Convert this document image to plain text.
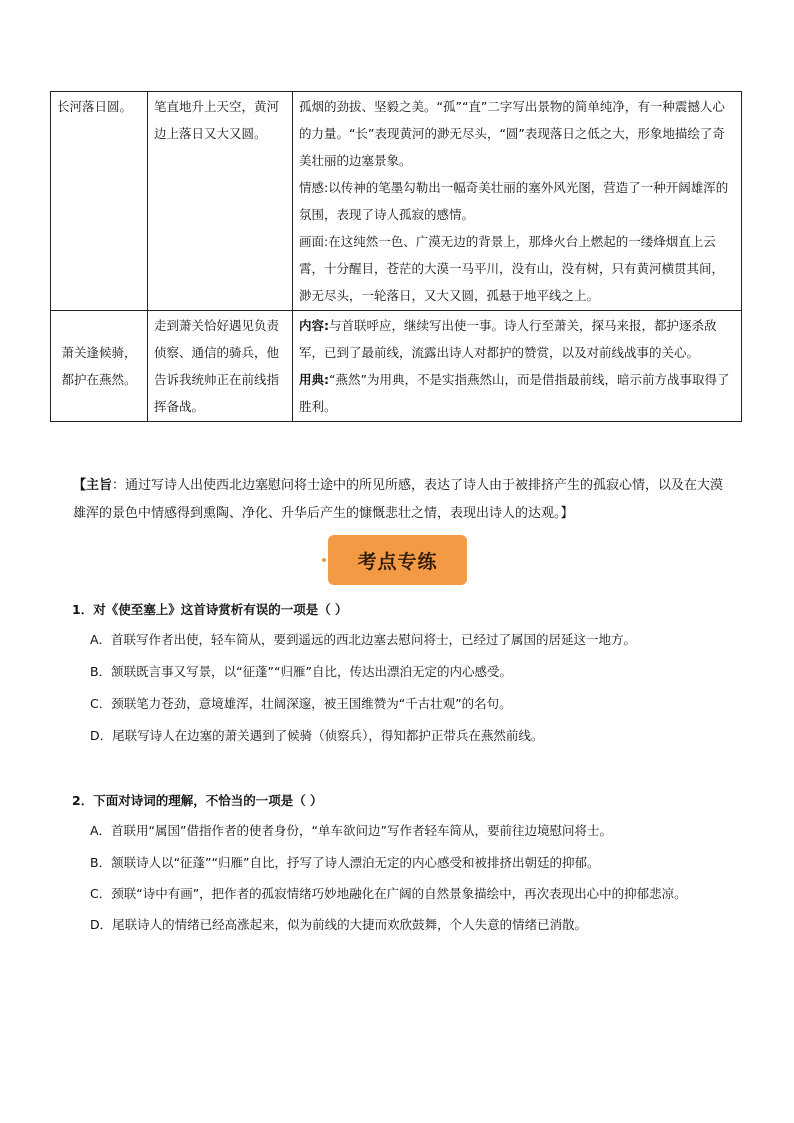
长河落日圆。	笔直地升上天空，黄河边上落日又大又圆。	孤烟的劲拔、坚毅之美。“孤”“直”二字写出景物的简单纯净，有一种震撼人心的力量。“长”表现黄河的渺无尽头，“圆”表现落日之低之大，形象地描绘了奇美壮丽的边塞景象。
情感:以传神的笔墨勾勒出一幅奇美壮丽的塞外风光图，营造了一种开阔雄浑的氛围，表现了诗人孤寂的感情。
画面:在这纯然一色、广漠无边的背景上，那烽火台上燃起的一缕烽烟直上云霄，十分醒目，苍茫的大漠一马平川，没有山，没有树，只有黄河横贯其间，渺无尽头，一轮落日，又大又圆，孤悬于地平线之上。

萧关逢候骑，都护在燕然。	走到萧关恰好遇见负责侦察、通信的骑兵，他告诉我统帅正在前线指挥备战。	内容:与首联呼应，继续写出使一事。诗人行至萧关，探马来报，都护逐杀敌军，已到了最前线，流露出诗人对都护的赞赏，以及对前线战事的关心。
用典:“燕然”为用典，不是实指燕然山，而是借指最前线，暗示前方战事取得了胜利。
【主旨：通过写诗人出使西北边塞慰问将士途中的所见所感，表达了诗人由于被排挤产生的孤寂心情，以及在大漠雄浑的景色中情感得到熏陶、净化、升华后产生的慷慨悲壮之情，表现出诗人的达观。】
考点专练
1．对《使至塞上》这首诗赏析有误的一项是（ ）
A．首联写作者出使，轻车简从，要到遥远的西北边塞去慰问将士，已经过了属国的居延这一地方。
B．颔联既言事又写景，以“征蓬”“归雁”自比，传达出漂泊无定的内心感受。
C．颈联笔力苍劲，意境雄浑，壮阔深邃，被王国维赞为“千古壮观”的名句。
D．尾联写诗人在边塞的萧关遇到了候骑（侦察兵），得知都护正带兵在燕然前线。
2．下面对诗词的理解，不恰当的一项是（ ）
A．首联用“属国”借指作者的使者身份，“单车欲问边”写作者轻车简从，要前往边境慰问将士。
B．颔联诗人以“征蓬”“归雁”自比，抒写了诗人漂泊无定的内心感受和被排挤出朝廷的抑郁。
C．颈联“诗中有画”，把作者的孤寂情绪巧妙地融化在广阔的自然景象描绘中，再次表现出心中的抑郁悲凉。
D．尾联诗人的情绪已经高涨起来，似为前线的大捷而欢欣鼓舞，个人失意的情绪已消散。
